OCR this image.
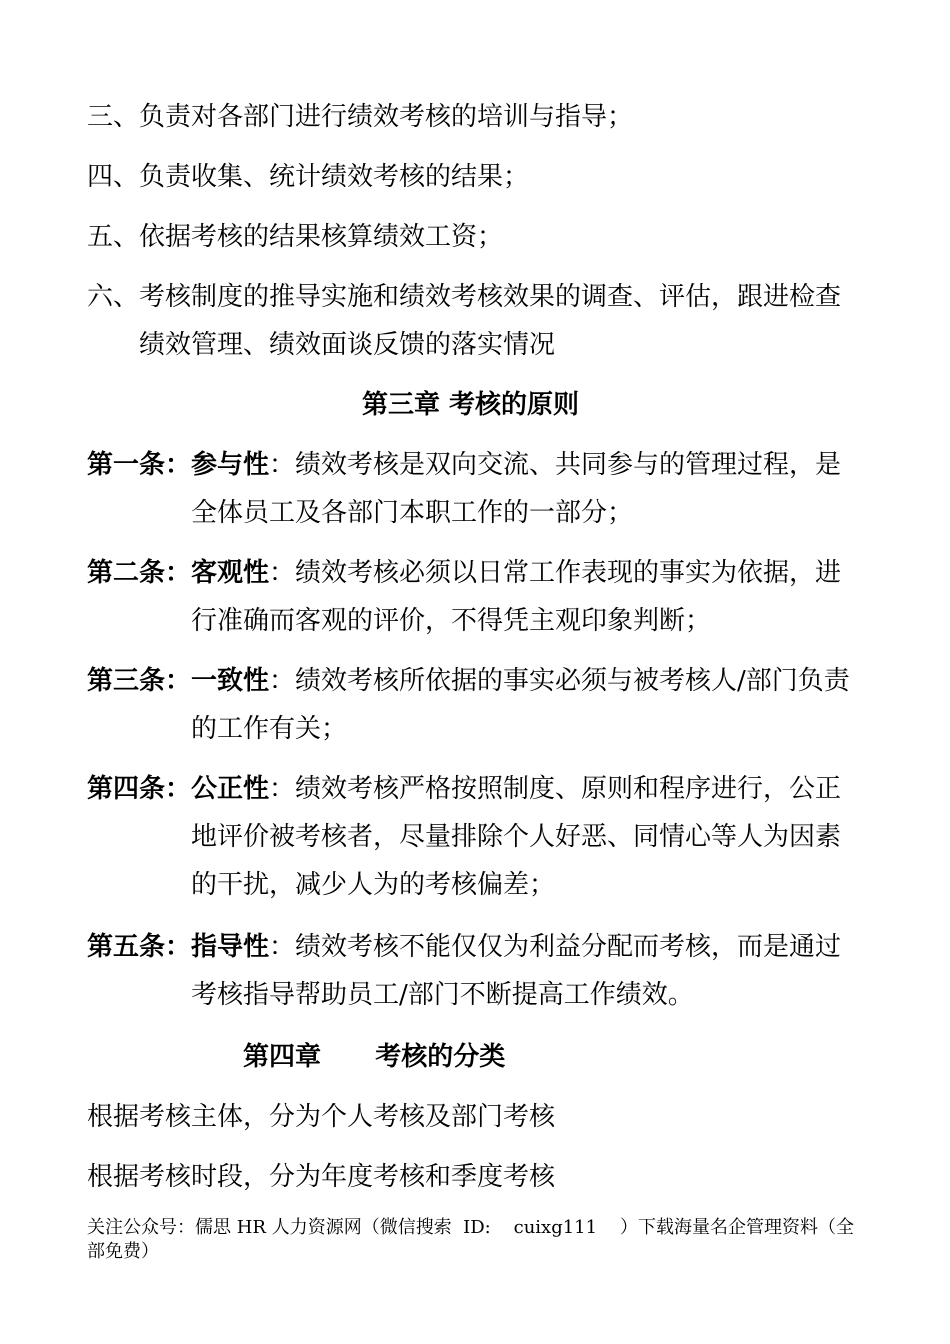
三、负责对各部门进行绩效考核的培训与指导；
四、负责收集、统计绩效考核的结果；
五、依据考核的结果核算绩效工资；
六、考核制度的推导实施和绩效考核效果的调查、评估，跟进检查
绩效管理、绩效面谈反馈的落实情况
第三章 考核的原则
第一条：参与性：绩效考核是双向交流、共同参与的管理过程，是
全体员工及各部门本职工作的一部分；
第二条：客观性：绩效考核必须以日常工作表现的事实为依据，进
行准确而客观的评价，不得凭主观印象判断；
第三条：一致性：绩效考核所依据的事实必须与被考核人/部门负责
的工作有关；
第四条：公正性：绩效考核严格按照制度、原则和程序进行，公正
地评价被考核者，尽量排除个人好恶、同情心等人为因素
的干扰，减少人为的考核偏差；
第五条：指导性：绩效考核不能仅仅为利益分配而考核，而是通过
考核指导帮助员工/部门不断提高工作绩效。
第四章      考核的分类
根据考核主体，分为个人考核及部门考核
根据考核时段，分为年度考核和季度考核
关注公众号：儒思 HR 人力资源网（微信搜索  ID:    cuixg111    ）下载海量名企管理资料（全
部免费）
